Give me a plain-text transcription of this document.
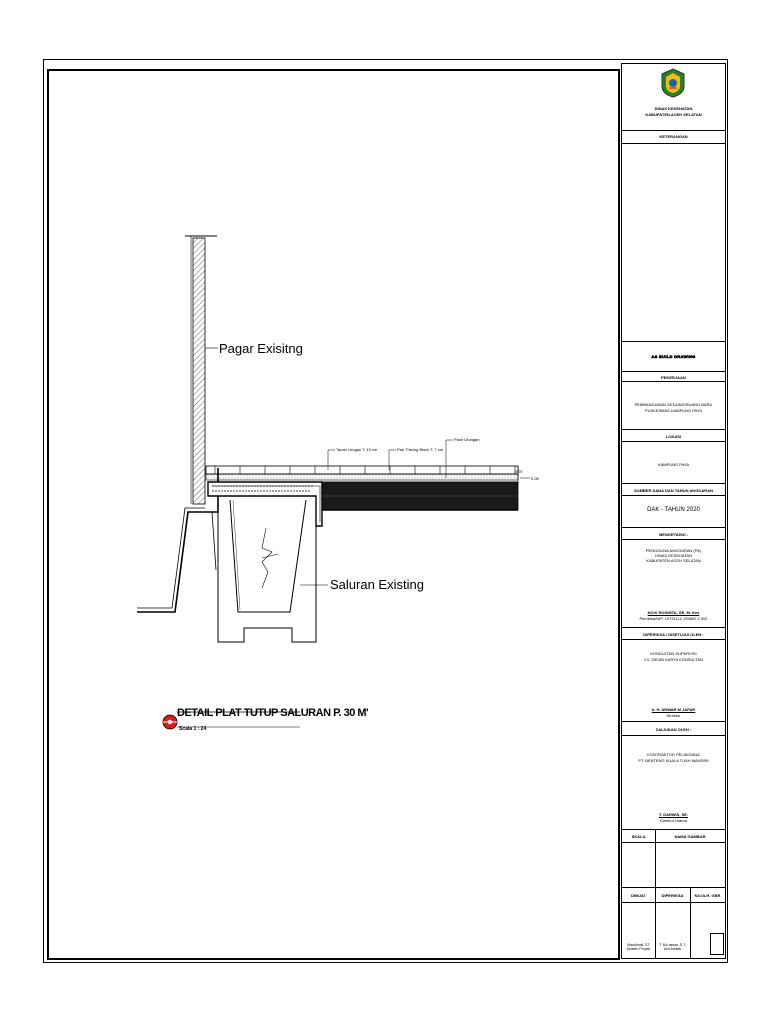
Pagar Exisitng
Saluran Existing
Tanah Urugan T. 15 cm	Pas. Paving Block T. 7 cm
Pasir Urungan
0.07
0.05
DETAIL PLAT TUTUP SALURAN P. 30 M'
Scala 1 : 24
DINAS KESEHATAN
KABUPATEN ACEH SELATAN
KETERANGAN
AS BUILD DRAWING
PEKERJAAN
PEMBANGUNAN GEDUNG/RUANG BARU
PUSKESMAS KAMPUNG PAYA
LOKASI
KAMPUNG PAYA
SUMBER DANA DAN TAHUN ANGGARAN
DAK - TAHUN 2020
MENGETAHUI :
PENGGUNA ANGGARAN (PA)
DINAS KESEHATAN
KABUPATEN ACEH SELATAN
NOVI ROSMITA, SE, M. Kes
Pembina/NIP. 19731112 199802 2 002
DIPERIKSA / DISETUJUI OLEH :
KONSULTAN SUPERVISI
CV. GEUBI KARYA KONSULTAN
Ir. H. ANWAR M JAFAR
Direktur
DIAJUKAN OLEH :
KONTRAKTOR PELAKSANA
PT. BENTENG KUALA TUAH MANDIRI
T. DARWIS, SE.
Direktur Utama
SKALA	NAMA GAMBAR
DIBUAT	DIPERIKSA	NO/JLH. GBR
Masdimail, ST
Asisten Proyek
T. Mu aswar, S.T.
Ahli Arsitek
